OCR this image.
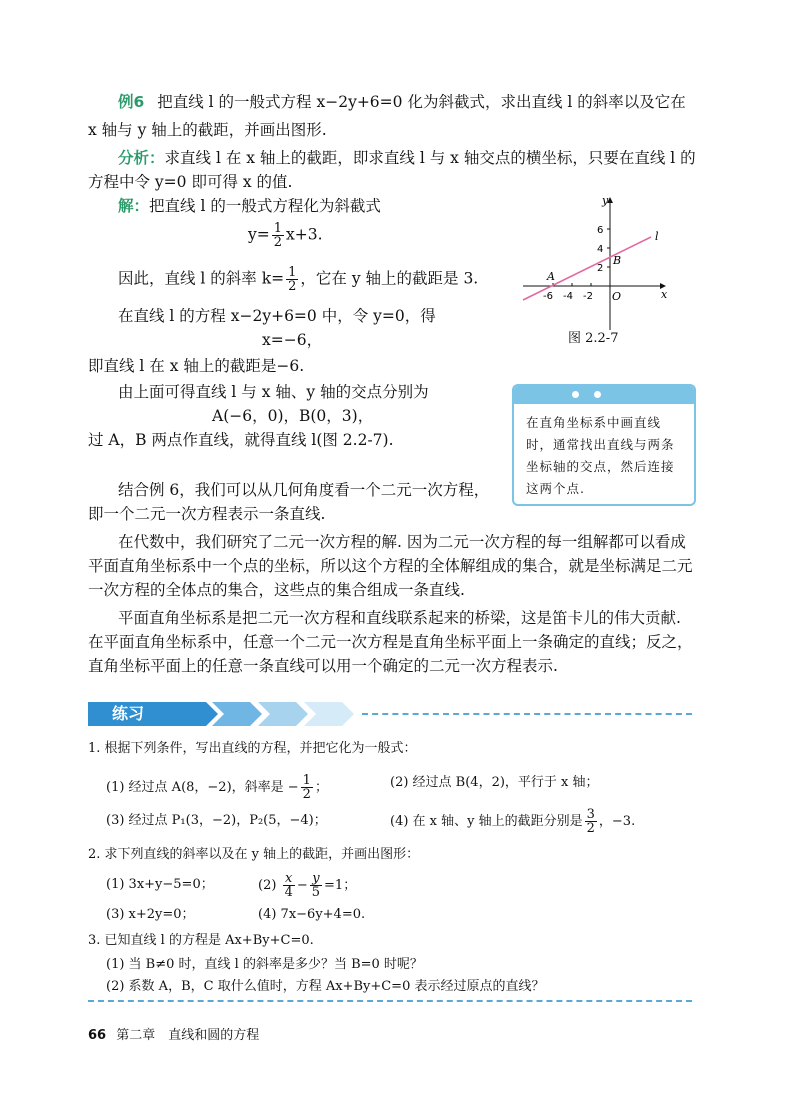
例6 把直线 l 的一般式方程 x−2y+6=0 化为斜截式，求出直线 l 的斜率以及它在
x 轴与 y 轴上的截距，并画出图形.
分析：求直线 l 在 x 轴上的截距，即求直线 l 与 x 轴交点的横坐标，只要在直线 l 的
方程中令 y=0 即可得 x 的值.
解：把直线 l 的一般式方程化为斜截式
$y= \frac{1}{2} x+3$.
因此，直线 l 的斜率 $k= \frac{1}{2}$ ，它在 y 轴上的截距是 3.
在直线 l 的方程 x−2y+6=0 中，令 y=0，得
x=−6，
即直线 l 在 x 轴上的截距是−6.
由上面可得直线 l 与 x 轴、y 轴的交点分别为
A(−6，0)，B(0，3)，
过 A，B 两点作直线，就得直线 l(图 2.2-7).
y
x
O
6
4
2
-6 -4 -2
A
B
l
图 2.2-7
在直角坐标系中画直线时，通常找出直线与两条坐标轴的交点，然后连接这两个点.
结合例 6，我们可以从几何角度看一个二元一次方程，
即一个二元一次方程表示一条直线.
在代数中，我们研究了二元一次方程的解. 因为二元一次方程的每一组解都可以看成
平面直角坐标系中一个点的坐标，所以这个方程的全体解组成的集合，就是坐标满足二元
一次方程的全体点的集合，这些点的集合组成一条直线.
平面直角坐标系是把二元一次方程和直线联系起来的桥梁，这是笛卡儿的伟大贡献.
在平面直角坐标系中，任意一个二元一次方程是直角坐标平面上一条确定的直线；反之，
直角坐标平面上的任意一条直线可以用一个确定的二元一次方程表示.
练习
1. 根据下列条件，写出直线的方程，并把它化为一般式：
(1) 经过点 A(8，−2)，斜率是 − $\frac{1}{2}$ ；	(2) 经过点 B(4，2)，平行于 x 轴；
(3) 经过点 P₁(3，−2)，P₂(5，−4)；	(4) 在 x 轴、y 轴上的截距分别是 $\frac{3}{2}$ ，−3.
2. 求下列直线的斜率以及在 y 轴上的截距，并画出图形：
(1) 3x+y−5=0；	$(2) \frac{x}{4} - \frac{y}{5} =1$；
(3) x+2y=0；	(4) 7x−6y+4=0.
3. 已知直线 l 的方程是 Ax+By+C=0.
(1) 当 B≠0 时，直线 l 的斜率是多少？当 B=0 时呢？
(2) 系数 A，B，C 取什么值时，方程 Ax+By+C=0 表示经过原点的直线？
66 第二章　直线和圆的方程
